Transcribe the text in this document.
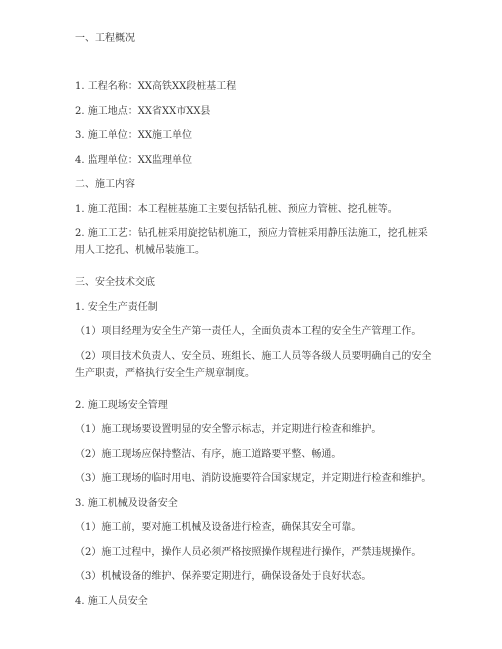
一、工程概况
1. 工程名称：XX高铁XX段桩基工程
2. 施工地点：XX省XX市XX县
3. 施工单位：XX施工单位
4. 监理单位：XX监理单位
二、施工内容
1. 施工范围：本工程桩基施工主要包括钻孔桩、预应力管桩、挖孔桩等。
2. 施工工艺：钻孔桩采用旋挖钻机施工，预应力管桩采用静压法施工，挖孔桩采用人工挖孔、机械吊装施工。
三、安全技术交底
1. 安全生产责任制
（1）项目经理为安全生产第一责任人，全面负责本工程的安全生产管理工作。
（2）项目技术负责人、安全员、班组长、施工人员等各级人员要明确自己的安全生产职责，严格执行安全生产规章制度。
2. 施工现场安全管理
（1）施工现场要设置明显的安全警示标志，并定期进行检查和维护。
（2）施工现场应保持整洁、有序，施工道路要平整、畅通。
（3）施工现场的临时用电、消防设施要符合国家规定，并定期进行检查和维护。
3. 施工机械及设备安全
（1）施工前，要对施工机械及设备进行检查，确保其安全可靠。
（2）施工过程中，操作人员必须严格按照操作规程进行操作，严禁违规操作。
（3）机械设备的维护、保养要定期进行，确保设备处于良好状态。
4. 施工人员安全
